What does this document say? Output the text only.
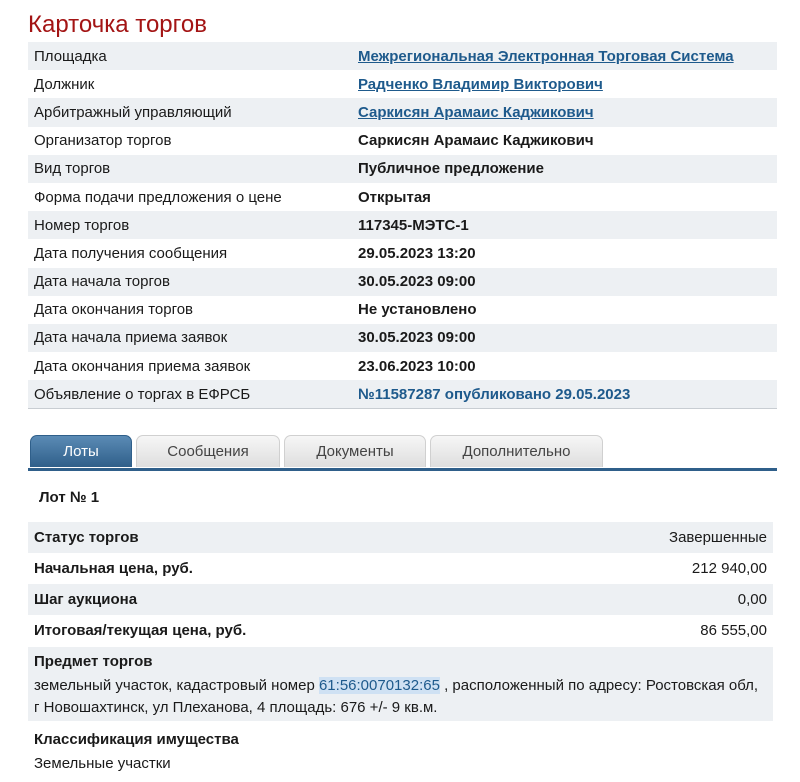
Карточка торгов
Площадка	Межрегиональная Электронная Торговая Система
Должник	Радченко Владимир Викторович
Арбитражный управляющий	Саркисян Арамаис Каджикович
Организатор торгов	Саркисян Арамаис Каджикович
Вид торгов	Публичное предложение
Форма подачи предложения о цене	Открытая
Номер торгов	117345-МЭТС-1
Дата получения сообщения	29.05.2023 13:20
Дата начала торгов	30.05.2023 09:00
Дата окончания торгов	Не установлено
Дата начала приема заявок	30.05.2023 09:00
Дата окончания приема заявок	23.06.2023 10:00
Объявление о торгах в ЕФРСБ	№11587287 опубликовано 29.05.2023
Лоты	Сообщения	Документы	Дополнительно
Лот № 1
Статус торгов	Завершенные
Начальная цена, руб.	212 940,00
Шаг аукциона	0,00
Итоговая/текущая цена, руб.	86 555,00
Предмет торгов
земельный участок, кадастровый номер 61:56:0070132:65 , расположенный по адресу: Ростовская обл, г Новошахтинск, ул Плеханова, 4 площадь: 676 +/- 9 кв.м.
Классификация имущества
Земельные участки
